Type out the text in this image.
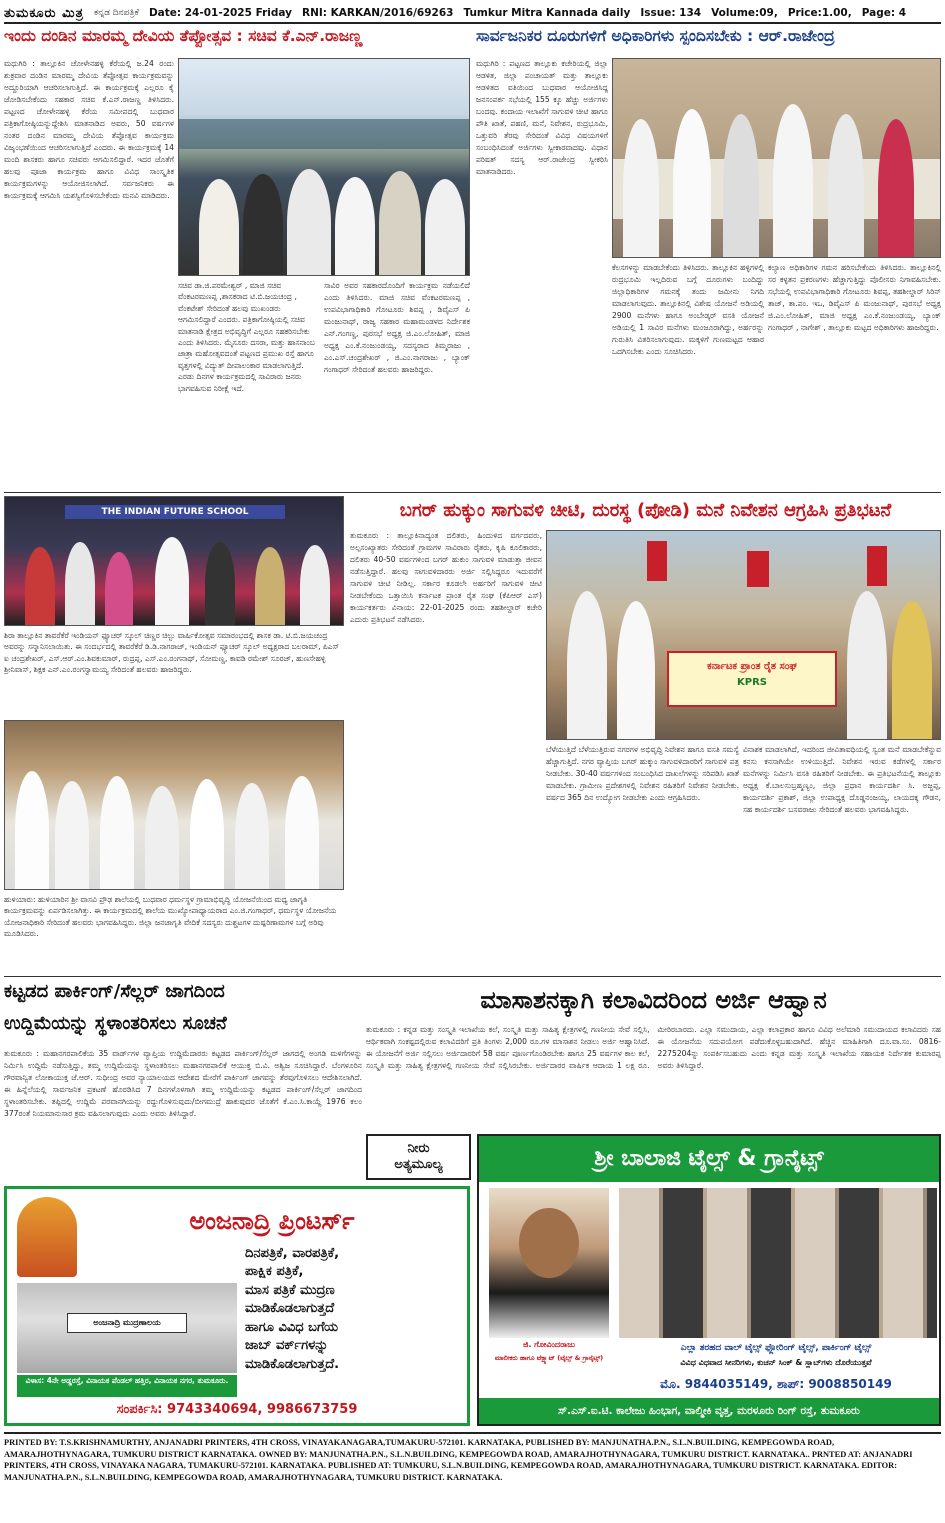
ತುಮಕೂರು ಮಿತ್ರ ಕನ್ನಡ ದಿನಪತ್ರಿಕೆ Date: 24-01-2025 Friday RNI: KARKAN/2016/69263 Tumkur Mitra Kannada daily Issue: 134 Volume:09, Price:1.00, Page: 4
ಇಂದು ದಂಡಿನ ಮಾರಮ್ಮ ದೇವಿಯ ತೆಪ್ಪೋತ್ಸವ : ಸಚಿವ ಕೆ.ಎನ್.ರಾಜಣ್ಣ
ಮಧುಗಿರಿ : ತಾಲ್ಲೂಕಿನ ಚೋಳೇನಹಳ್ಳಿ ಕೆರೆಯಲ್ಲಿ ಜ.24 ರಂದು ಶುಕ್ರವಾರ ದಂಡಿನ ಮಾರಮ್ಮ ದೇವಿಯ ತೆಪ್ಪೋತ್ಸವ ಕಾರ್ಯಕ್ರಮವನ್ನು ಅದ್ದೂರಿಯಾಗಿ ಆಚರಿಸಲಾಗುತ್ತಿದೆ. ಈ ಕಾರ್ಯಕ್ರಮಕ್ಕೆ ಎಲ್ಲರೂ ಕೈ ಜೋಡಿಸಬೇಕೆಂದು ಸಹಕಾರ ಸಚಿವ ಕೆ.ಎನ್.ರಾಜಣ್ಣ ತಿಳಿಸಿದರು. ಪಟ್ಟಣದ ಚೋಳೇನಹಳ್ಳಿ ಕೆರೆಯ ಸಮೀಪದಲ್ಲಿ ಬುಧವಾರ ಪತ್ರಿಕಾಗೋಷ್ಠಿಯನ್ನುದ್ದೇಶಿಸಿ ಮಾತನಾಡಿದ ಅವರು, 50 ವರ್ಷಗಳ ನಂತರ ದಂಡಿನ ಮಾರಮ್ಮ ದೇವಿಯ ತೆಪ್ಪೋತ್ಸವ ಕಾರ್ಯಕ್ರಮ ವಿಜೃಂಭಣೆಯಿಂದ ಆಚರಿಸಲಾಗುತ್ತಿದೆ ಎಂದರು. ಈ ಕಾರ್ಯಕ್ರಮಕ್ಕೆ 14 ಮಂದಿ ಶಾಸಕರು ಹಾಗೂ ಸಚಿವರು ಆಗಮಿಸಲಿದ್ದಾರೆ. ಇದರ ಜೊತೆಗೆ ಹಲವು ಪೂಜಾ ಕಾರ್ಯಕ್ರಮ ಹಾಗೂ ವಿವಿಧ ಸಾಂಸ್ಕೃತಿಕ ಕಾರ್ಯಕ್ರಮಗಳನ್ನು ಆಯೋಜಿಸಲಾಗಿದೆ. ಸರ್ವಜನಿಕರು ಈ ಕಾರ್ಯಕ್ರಮಕ್ಕೆ ಆಗಮಿಸಿ ಯಶಸ್ವಿಗೊಳಿಸಬೇಕೆಂದು ಮನವಿ ಮಾಡಿದರು.
ಸಚಿವ ಡಾ.ಜಿ.ಪರಮೇಶ್ವರ್ , ಮಾಜಿ ಸಚಿವ ವೆಂಕಟರಮಣಪ್ಪ ,ಶಾಸಕರಾದ ಟಿ.ಬಿ.ಜಯಚಂದ್ರ , ವೆಂಕಟೇಶ್ ಸೇರಿದಂತೆ ಹಲವು ಮುಖಂಡರು ಆಗಮಿಸಲಿದ್ದಾರೆ ಎಂದರು. ಪತ್ರಿಕಾಗೋಷ್ಠಿಯಲ್ಲಿ ಸಚಿವ ಮಾತನಾಡಿ ಕ್ಷೇತ್ರದ ಅಭಿವೃದ್ಧಿಗೆ ಎಲ್ಲರೂ ಸಹಕರಿಸಬೇಕು ಎಂದು ತಿಳಿಸಿದರು. ಮೈಸೂರು ದಸರಾ, ಮತ್ತು ಹಾಸನಾಂಬ ಜಾತ್ರಾ ಮಹೋತ್ಸವದಂತೆ ಪಟ್ಟಣದ ಪ್ರಮುಖ ರಸ್ತೆ ಹಾಗೂ ವೃತ್ತಗಳಲ್ಲಿ ವಿದ್ಯುತ್ ದೀಪಾಲಂಕಾರ ಮಾಡಲಾಗುತ್ತಿದೆ. ಎರಡು ದಿನಗಳ ಕಾರ್ಯಕ್ರಮದಲ್ಲಿ ಸಾವಿರಾರು ಜನರು ಭಾಗವಹಿಸುವ ನಿರೀಕ್ಷೆ ಇದೆ.
ಸಾವಿರ ಅವರ ಸಹಕಾರದೊಂದಿಗೆ ಕಾರ್ಯಕ್ರಮ ನಡೆಯಲಿದೆ ಎಂದು ತಿಳಿಸಿದರು. ಮಾಜಿ ಸಚಿವ ವೆಂಕಟರಮಣಪ್ಪ , ಉಪವಿಭಾಗಾಧಿಕಾರಿ ಗೋಟೂರು ಶಿವಪ್ಪ , ಡಿವೈಎಸ್ ಪಿ ಮಂಜುನಾಥ್, ರಾಜ್ಯ ಸಹಕಾರ ಮಹಾಮಂಡಳದ ನಿರ್ದೇಶಕ ಎನ್.ಗಂಗಣ್ಣ, ಪುರಸಭೆ ಅಧ್ಯಕ್ಷ ಜಿ.ಎಂ.ಲೋಹಿತ್, ಮಾಜಿ ಅಧ್ಯಕ್ಷ ಎಂ.ಕೆ.ನಂಜುಂಡಯ್ಯ, ಸದಸ್ಯರಾದ ತಿಮ್ಮರಾಜು , ಎಂ.ಎಸ್.ಚಂದ್ರಶೇಖರ್ , ಜಿ.ಎಂ.ನಾಗರಾಜು , ಬ್ಯಾಂಕ್ ಗಂಗಾಧರ್ ಸೇರಿದಂತೆ ಹಲವರು ಹಾಜರಿದ್ದರು.
ಸಾರ್ವಜನಿಕರ ದೂರುಗಳಿಗೆ ಅಧಿಕಾರಿಗಳು ಸ್ಪಂದಿಸಬೇಕು : ಆರ್.ರಾಜೇಂದ್ರ
ಮಧುಗಿರಿ : ಪಟ್ಟಣದ ತಾಲ್ಲೂಕು ಕಚೇರಿಯಲ್ಲಿ ಜಿಲ್ಲಾ ಆಡಳಿತ, ಜಿಲ್ಲಾ ಪಂಚಾಯತ್ ಮತ್ತು ತಾಲ್ಲೂಕು ಆಡಳಿತದ ವತಿಯಿಂದ ಬುಧವಾರ ಆಯೋಜಿಸಿದ್ದ ಜನಸಂಪರ್ಕ ಸಭೆಯಲ್ಲಿ 155 ಕ್ಕೂ ಹೆಚ್ಚು ಅರ್ಜಿಗಳು ಬಂದವು. ಕಂದಾಯ ಇಲಾಖೆಗೆ ಸಾಗುವಳಿ ಚೀಟಿ ಹಾಗೂ ಪೌತಿ ಖಾತೆ, ಪಹಣಿ, ಮನೆ, ನಿವೇಶನ, ರುದ್ರಭೂಮಿ, ಒತ್ತುವರಿ ತೆರವು ಸೇರಿದಂತೆ ವಿವಿಧ ವಿಷಯಗಳಿಗೆ ಸಂಬಂಧಿಸಿದಂತೆ ಅರ್ಜಿಗಳು ಸ್ವೀಕಾರವಾದವು. ವಿಧಾನ ಪರಿಷತ್ ಸದಸ್ಯ ಆರ್.ರಾಜೇಂದ್ರ ಸ್ವೀಕರಿಸಿ ಮಾತನಾಡಿದರು.
ಕೆಲಸಗಳನ್ನು ಮಾಡಬೇಕೆಂದು ತಿಳಿಸಿದರು. ತಾಲ್ಲೂಕಿನ ಹಳ್ಳಿಗಳಲ್ಲಿ ರುದ್ರಭೂಮಿ ಇಲ್ಲದಿರುವ ಬಗ್ಗೆ ದೂರುಗಳು ಬಂದಿದ್ದು ಜಿಲ್ಲಾಧಿಕಾರಿಗಳ ಗಮನಕ್ಕೆ ತಂದು ಜಮೀನು ನಿಗದಿ ಮಾಡಲಾಗುವುದು. ತಾಲ್ಲೂಕಿನಲ್ಲಿ ವಿಶೇಷ ಯೋಜನೆ ಅಡಿಯಲ್ಲಿ 2900 ಮನೆಗಳು ಹಾಗೂ ಅಂಬೇಡ್ಕರ್ ವಸತಿ ಯೋಜನೆ ಅಡಿಯಲ್ಲಿ 1 ಸಾವಿರ ಮನೆಗಳು ಮಂಜೂರಾಗಿದ್ದು, ಅರ್ಹರನ್ನು ಗುರುತಿಸಿ ವಿತರಿಸಲಾಗುವುದು. ಮಕ್ಕಳಿಗೆ ಗುಣಮಟ್ಟದ ಆಹಾರ ಒದಗಿಸಬೇಕು ಎಂದು ಸೂಚಿಸಿದರು.
ಕಲ್ಯಾಣ ಅಧಿಕಾರಿಗಳ ಗಮನ ಹರಿಸಬೇಕೆಂದು ತಿಳಿಸಿದರು. ತಾಲ್ಲೂಕಿನಲ್ಲಿ ಸರ ಕಳ್ಳತನ ಪ್ರಕರಣಗಳು ಹೆಚ್ಚಾಗುತ್ತಿದ್ದು ಪೊಲೀಸರು ನಿಗಾವಹಿಸಬೇಕು. ಸಭೆಯಲ್ಲಿ ಉಪವಿಭಾಗಾಧಿಕಾರಿ ಗೋಟೂರು ಶಿವಪ್ಪ, ತಹಶೀಲ್ದಾರ್ ಸಿರಿನ್ ತಾಜ್, ತಾ.ಪಂ. ಇಒ, ಡಿವೈಎಸ್ ಪಿ ಮಂಜುನಾಥ್, ಪುರಸಭೆ ಅಧ್ಯಕ್ಷ ಜಿ.ಎಂ.ಲೋಹಿತ್, ಮಾಜಿ ಅಧ್ಯಕ್ಷ ಎಂ.ಕೆ.ನಂಜುಂಡಯ್ಯ, ಬ್ಯಾಂಕ್ ಗಂಗಾಧರ್ , ನಾಗೇಶ್ , ತಾಲ್ಲೂಕು ಮಟ್ಟದ ಅಧಿಕಾರಿಗಳು ಹಾಜರಿದ್ದರು.
THE INDIAN FUTURE SCHOOL
ಶಿರಾ ತಾಲ್ಲೂಕಿನ ತಾವರೆಕೆರೆ ಇಂಡಿಯನ್ ಫ್ಯೂಚರ್ ಸ್ಕೂಲ್ ಚಿಣ್ಣರ ಚಿಲ್ಟು ವಾರ್ಷಿಕೋತ್ಸವ ಸಮಾರಂಭದಲ್ಲಿ ಶಾಸಕ ಡಾ. ಟಿ.ಬಿ.ಜಯಚಂದ್ರ ಅವರನ್ನು ಸನ್ಮಾನಿಸಲಾಯಿತು. ಈ ಸಂದರ್ಭದಲ್ಲಿ ತಾವರೆಕೆರೆ ಡಿ.ಡಿ.ನಾಗರಾಜ್, ಇಂಡಿಯನ್ ಫ್ಯೂಚರ್ ಸ್ಕೂಲ್ ಅಧ್ಯಕ್ಷರಾದ ಬಲರಾಮ್, ಪಿಎಸ್ ಐ ಚಂದ್ರಶೇಖರ್, ಎಸ್.ಆರ್.ಎಂ.ಶಿವಕುಮಾರ್, ರುದ್ರಪ್ಪ, ಎಸ್.ಎಂ.ರಂಗನಾಥ್, ಸೋಮಣ್ಣ, ಕಾವಡಿ ರಮೇಶ್ ಸೂರಜ್, ಹುಣಸೇಹಳ್ಳಿ ಶ್ರೀನಿವಾಸ್, ಶಿಕ್ಷಕ ಎನ್.ಎಂ.ರಂಗಸ್ವಾಮಯ್ಯ ಸೇರಿದಂತೆ ಹಲವರು ಹಾಜರಿದ್ದರು.
ಹುಳಿಯಾರು: ಹುಳಿಯಾರಿನ ಶ್ರೀ ವಾಸವಿ ಪ್ರೌಢ ಶಾಲೆಯಲ್ಲಿ ಬುಧವಾರ ಧರ್ಮಸ್ಥಳ ಗ್ರಾಮಾಭಿವೃದ್ಧಿ ಯೋಜನೆಯಿಂದ ಮಧ್ಯ ಜಾಗೃತಿ ಕಾರ್ಯಕ್ರಮವನ್ನು ಏರ್ಪಡಿಸಲಾಗಿತ್ತು. ಈ ಕಾರ್ಯಕ್ರಮದಲ್ಲಿ ಶಾಲೆಯ ಮುಖ್ಯೋಪಾಧ್ಯಾಯರಾದ ಎಂ.ಜಿ.ಗಂಗಾಧರ್, ಧರ್ಮಸ್ಥಳ ಯೋಜನೆಯ ಯೋಜನಾಧಿಕಾರಿ ಸೇರಿದಂತೆ ಹಲವರು ಭಾಗವಹಿಸಿದ್ದರು. ಜಿಲ್ಲಾ ಜನಜಾಗೃತಿ ವೇದಿಕೆ ಸದಸ್ಯರು ದುಶ್ಚಟಗಳ ದುಷ್ಪರಿಣಾಮಗಳ ಬಗ್ಗೆ ಅರಿವು ಮೂಡಿಸಿದರು.
ಬಗರ್ ಹುಕ್ಕುಂ ಸಾಗುವಳಿ ಚೀಟಿ, ದುರಸ್ಥ (ಪೋಡಿ) ಮನೆ ನಿವೇಶನ ಆಗ್ರಹಿಸಿ ಪ್ರತಿಭಟನೆ
ತುಮಕೂರು : ತಾಲ್ಲೂಕಿನಾದ್ಯಂತ ದಲಿತರು, ಹಿಂದುಳಿದ ವರ್ಗದವರು, ಅಲ್ಪಸಂಖ್ಯಾತರು ಸೇರಿದಂತೆ ಗ್ರಾಮಗಳ ಸಾವಿರಾರು ರೈತರು, ಕೃಷಿ ಕೂಲಿಕಾರರು, ದಲಿತರು 40-50 ವರ್ಷಗಳಿಂದ ಬಗರ್ ಹುಕುಂ ಸಾಗುವಳಿ ಮಾಡುತ್ತಾ ಜೀವನ ನಡೆಸುತ್ತಿದ್ದಾರೆ. ಹಲವು ಸಾಗುವಳಿದಾರರು ಅರ್ಜಿ ಸಲ್ಲಿಸಿದ್ದರೂ ಇದುವರೆಗೆ ಸಾಗುವಳಿ ಚೀಟಿ ನೀಡಿಲ್ಲ. ಸರ್ಕಾರ ಕೂಡಲೇ ಅರ್ಹರಿಗೆ ಸಾಗುವಳಿ ಚೀಟಿ ನೀಡಬೇಕೆಂದು ಒತ್ತಾಯಿಸಿ ಕರ್ನಾಟಕ ಪ್ರಾಂತ ರೈತ ಸಂಘ (ಕೆಪಿಆರ್ ಎಸ್) ಕಾರ್ಯಕರ್ತರು ವಿನಾಯ: 22-01-2025 ರಂದು ತಹಶೀಲ್ದಾರ್ ಕಚೇರಿ ಎದುರು ಪ್ರತಿಭಟನೆ ನಡೆಸಿದರು.
ಕರ್ನಾಟಕ ಪ್ರಾಂತ ರೈತ ಸಂಘ
KPRS
ಬೆಳೆಯುತ್ತಿದೆ ಬೆಳೆಯುತ್ತಿರುವ ನಗರಗಳ ಅಭಿವೃದ್ಧಿ ನಿವೇಶನ ಹಾಗೂ ವಸತಿ ಸಮಸ್ಯೆ ಹೆಚ್ಚಾಗುತ್ತಿದೆ. ನಗರ ವ್ಯಾಪ್ತಿಯ ಬಗರ್ ಹುಕ್ಕುಂ ಸಾಗುವಳಿದಾರರಿಗೆ ಸಾಗುವಳಿ ಪತ್ರ ನೀಡಬೇಕು. 30-40 ವರ್ಷಗಳಿಂದ ಸಂಬಂಧಿಸಿದ ದಾಖಲೆಗಳನ್ನು ಸರಿಪಡಿಸಿ ಖಾತೆ ಮಾಡಬೇಕು. ಗ್ರಾಮೀಣ ಪ್ರದೇಶಗಳಲ್ಲಿ ನಿವೇಶನ ರಹಿತರಿಗೆ ನಿವೇಶನ ನೀಡಬೇಕು. ವರ್ಷದ 365 ದಿನ ಉದ್ಯೋಗ ನೀಡಬೇಕು ಎಂದು ಆಗ್ರಹಿಸಿದರು.
ವಿನಾಶಕ ಮಾಡಲಾಗಿದೆ, ಇದರಿಂದ ಜೀವಿತಾವಧಿಯಲ್ಲಿ ಸ್ವಂತ ಮನೆ ಮಾಡಬೇಕೆನ್ನುವ ಕನಸು ಕನಸಾಗಿಯೇ ಉಳಿಯುತ್ತಿದೆ. ನಿವೇಶನ ಇರುವ ಕಡೆಗಳಲ್ಲಿ ಸರ್ಕಾರ ಮನೆಗಳನ್ನು ನಿರ್ಮಿಸಿ ವಸತಿ ರಹಿತರಿಗೆ ನೀಡಬೇಕು. ಈ ಪ್ರತಿಭಟನೆಯಲ್ಲಿ ತಾಲ್ಲೂಕು ಅಧ್ಯಕ್ಷ ಕೆ.ಬಾಲಸುಬ್ರಹ್ಮಣ್ಯಂ, ಜಿಲ್ಲಾ ಪ್ರಧಾನ ಕಾರ್ಯದರ್ಶಿ ಸಿ. ಅಜ್ಜಪ್ಪ, ಕಾರ್ಯದರ್ಶಿ ಪ್ರಕಾಶ್, ಜಿಲ್ಲಾ ಉಪಾಧ್ಯಕ್ಷ ದೊಡ್ಡನಂಜಯ್ಯ, ಲಾಯದಕ್ಕ ಗೌಡನ, ಸಹ ಕಾರ್ಯದರ್ಶಿ ಬಸವರಾಜು ಸೇರಿದಂತೆ ಹಲವರು ಭಾಗವಹಿಸಿದ್ದರು.
ಕಟ್ಟಡದ ಪಾರ್ಕಿಂಗ್/ಸೆಲ್ಲರ್ ಜಾಗದಿಂದ
ಉದ್ದಿಮೆಯನ್ನು ಸ್ಥಳಾಂತರಿಸಲು ಸೂಚನೆ
ತುಮಕೂರು : ಮಹಾನಗರಪಾಲಿಕೆಯ 35 ವಾರ್ಡ್‌ಗಳ ವ್ಯಾಪ್ತಿಯ ಉದ್ದಿಮೆದಾರರು ಕಟ್ಟಡದ ಪಾರ್ಕಿಂಗ್/ಸೆಲ್ಲರ್ ಜಾಗದಲ್ಲಿ ಅಂಗಡಿ ಮಳಿಗೆಗಳನ್ನು ನಿರ್ಮಿಸಿ ಉದ್ದಿಮೆ ನಡೆಸುತ್ತಿದ್ದು, ತಮ್ಮ ಉದ್ದಿಮೆಯನ್ನು ಸ್ಥಳಾಂತರಿಸಲು ಮಹಾನಗರಪಾಲಿಕೆ ಆಯುಕ್ತ ಬಿ.ವಿ. ಅಶ್ವಿಜ ಸೂಚಿಸಿದ್ದಾರೆ. ಬೆಂಗಳೂರಿನ ಗೌರವಾನ್ವಿತ ಲೋಕಾಯುಕ್ತ ಜೆ.ಆರ್. ಸುಧೀಂದ್ರ ಅವರ ನ್ಯಾಯಾಲಯದ ಆದೇಶದ ಮೇರೆಗೆ ಪಾರ್ಕಿಂಗ್ ಜಾಗವನ್ನು ತೆರವುಗೊಳಿಸಲು ಆದೇಶಿಸಲಾಗಿದೆ. ಈ ಹಿನ್ನೆಲೆಯಲ್ಲಿ ಸಾರ್ವಜನಿಕ ಪ್ರಕಟಣೆ ಹೊರಡಿಸಿದ 7 ದಿನಗಳೊಳಗಾಗಿ ತಮ್ಮ ಉದ್ದಿಮೆಯನ್ನು ಕಟ್ಟಡದ ಪಾರ್ಕಿಂಗ್/ಸೆಲ್ಲರ್ ಜಾಗದಿಂದ ಸ್ಥಳಾಂತರಿಸಬೇಕು. ತಪ್ಪಿದಲ್ಲಿ ಉದ್ದಿಮೆ ಪರವಾನಗಿಯನ್ನು ರದ್ದುಗೊಳಿಸುವುದು/ಬೀಗಮುದ್ರೆ ಹಾಕುವುದರ ಜೊತೆಗೆ ಕೆ.ಎಂ.ಸಿ.ಕಾಯ್ದೆ 1976 ಕಲಂ 377ರಂತೆ ನಿಯಮಾನುಸಾರ ಕ್ರಮ ವಹಿಸಲಾಗುವುದು ಎಂದು ಅವರು ತಿಳಿಸಿದ್ದಾರೆ.
ಮಾಸಾಶನಕ್ಕಾಗಿ ಕಲಾವಿದರಿಂದ ಅರ್ಜಿ ಆಹ್ವಾನ
ತುಮಕೂರು : ಕನ್ನಡ ಮತ್ತು ಸಂಸ್ಕೃತಿ ಇಲಾಖೆಯ ಕಲೆ, ಸಂಸ್ಕೃತಿ ಮತ್ತು ಸಾಹಿತ್ಯ ಕ್ಷೇತ್ರಗಳಲ್ಲಿ ಗಣನೀಯ ಸೇವೆ ಸಲ್ಲಿಸಿ, ಆರ್ಥಿಕವಾಗಿ ಸಂಕಷ್ಟದಲ್ಲಿರುವ ಕಲಾವಿದರಿಗೆ ಪ್ರತಿ ತಿಂಗಳು 2,000 ರೂ.ಗಳ ಮಾಸಾಶನ ನೀಡಲು ಅರ್ಜಿ ಆಹ್ವಾನಿಸಿದೆ. ಈ ಯೋಜನೆಗೆ ಅರ್ಜಿ ಸಲ್ಲಿಸಲು ಅರ್ಜಿದಾರರಿಗೆ 58 ವರ್ಷ ಪೂರ್ಣಗೊಂಡಿರಬೇಕು ಹಾಗೂ 25 ವರ್ಷಗಳ ಕಾಲ ಕಲೆ, ಸಂಸ್ಕೃತಿ ಮತ್ತು ಸಾಹಿತ್ಯ ಕ್ಷೇತ್ರಗಳಲ್ಲಿ ಗಣನೀಯ ಸೇವೆ ಸಲ್ಲಿಸಿರಬೇಕು. ಅರ್ಜಿದಾರರ ವಾರ್ಷಿಕ ಆದಾಯ 1 ಲಕ್ಷ ರೂ. ಮೀರಿರಬಾರದು. ಎಲ್ಲಾ ಸಮುದಾಯ, ಎಲ್ಲಾ ಕಲಾಪ್ರಕಾರ ಹಾಗೂ ವಿವಿಧ ಅಲೆಮಾರಿ ಸಮುದಾಯದ ಕಲಾವಿದರು ಸಹ ಈ ಯೋಜನೆಯ ಸದುಪಯೋಗ ಪಡೆದುಕೊಳ್ಳಬಹುದಾಗಿದೆ. ಹೆಚ್ಚಿನ ಮಾಹಿತಿಗಾಗಿ ದೂ.ವಾ.ಸಂ. 0816-2275204ನ್ನು ಸಂಪರ್ಕಿಸಬಹುದು ಎಂದು ಕನ್ನಡ ಮತ್ತು ಸಂಸ್ಕೃತಿ ಇಲಾಖೆಯ ಸಹಾಯಕ ನಿರ್ದೇಶಕ ಕುಮಾರಪ್ಪ ಅವರು ತಿಳಿಸಿದ್ದಾರೆ.
ನೀರು
ಅತ್ಯಮೂಲ್ಯ	ಶ್ರೀ ಬಾಲಾಜಿ ಟೈಲ್ಸ್ & ಗ್ರಾನೈಟ್ಸ್
ಜಿ. ಗೋವಿಂದರಾಜು
ಮಾಲೀಕರು ಹಾಗೂ ಟೆಕ್ಷ್ಯಾಟ್ (ಟೈಲ್ಸ್ & ಗ್ರಾನೈಟ್ಸ್)
ಎಲ್ಲಾ ತರಹದ ವಾಲ್ ಟೈಲ್ಸ್ ಫ್ಲೋರಿಂಗ್ ಟೈಲ್ಸ್, ಪಾರ್ಕಿಂಗ್ ಟೈಲ್ಸ್
ವಿವಿಧ ವಿಧವಾದ ಸೀನರಿಗಳು, ಕುಚನ್ ಸಿಂಕ್ & ಸ್ಲಾಬ್‌ಗಳು ದೊರೆಯುತ್ತವೆ
ಮೊ. 9844035149, ಶಾಪ್: 9008850149
ಸ್.ಎಸ್.ಐ.ಟಿ. ಕಾಲೇಜು ಹಿಂಭಾಗ, ವಾಲ್ಮೀಕಿ ವೃತ್ತ, ಮರಳೂರು ರಿಂಗ್ ರಸ್ತೆ, ತುಮಕೂರು
ಅಂಜನಾದ್ರಿ ಪ್ರಿಂಟರ್ಸ್
ಅಂಜನಾದ್ರಿ ಮುದ್ರಣಾಲಯ
ದಿನಪತ್ರಿಕೆ, ವಾರಪತ್ರಿಕೆ,
ಪಾಕ್ಷಿಕ ಪತ್ರಿಕೆ,
ಮಾಸ ಪತ್ರಿಕೆ ಮುದ್ರಣ
ಮಾಡಿಕೊಡಲಾಗುತ್ತದೆ
ಹಾಗೂ ವಿವಿಧ ಬಗೆಯ
ಜಾಬ್ ವರ್ಕ್‌ಗಳನ್ನು
ಮಾಡಿಕೊಡಲಾಗುತ್ತದೆ.
ವಿಳಾಸ: 4ನೇ ಅಡ್ಡರಸ್ತೆ, ವಿನಾಯಕ ಪೆಂಡಲ್ ಹತ್ತಿರ, ವಿನಾಯಕ ನಗರ, ತುಮಕೂರು.
ಸಂಪರ್ಕಿಸಿ: 9743340694, 9986673759
PRINTED BY: T.S.KRISHNAMURTHY, ANJANADRI PRINTERS, 4TH CROSS, VINAYAKANAGARA,TUMAKURU-572101. KARNATAKA, PUBLISHED BY: MANJUNATHA.P.N., S.L.N.BUILDING, KEMPEGOWDA ROAD, AMARAJHOTHYNAGARA, TUMKURU DISTRICT KARNATAKA. OWNED BY: MANJUNATHA.P.N., S.L.N.BUILDING, KEMPEGOWDA ROAD, AMARAJHOTHYNAGARA, TUMKURU DISTRICT. KARNATAKA.. PRNTED AT: ANJANADRI PRINTERS, 4TH CROSS, VINAYAKA NAGARA, TUMAKURU-572101. KARNATAKA. PUBLISHED AT: TUMKURU, S.L.N.BUILDING, KEMPEGOWDA ROAD, AMARAJHOTHYNAGARA, TUMKURU DISTRICT. KARNATAKA. EDITOR: MANJUNATHA.P.N., S.L.N.BUILDING, KEMPEGOWDA ROAD, AMARAJHOTHYNAGARA, TUMKURU DISTRICT. KARNATAKA.
